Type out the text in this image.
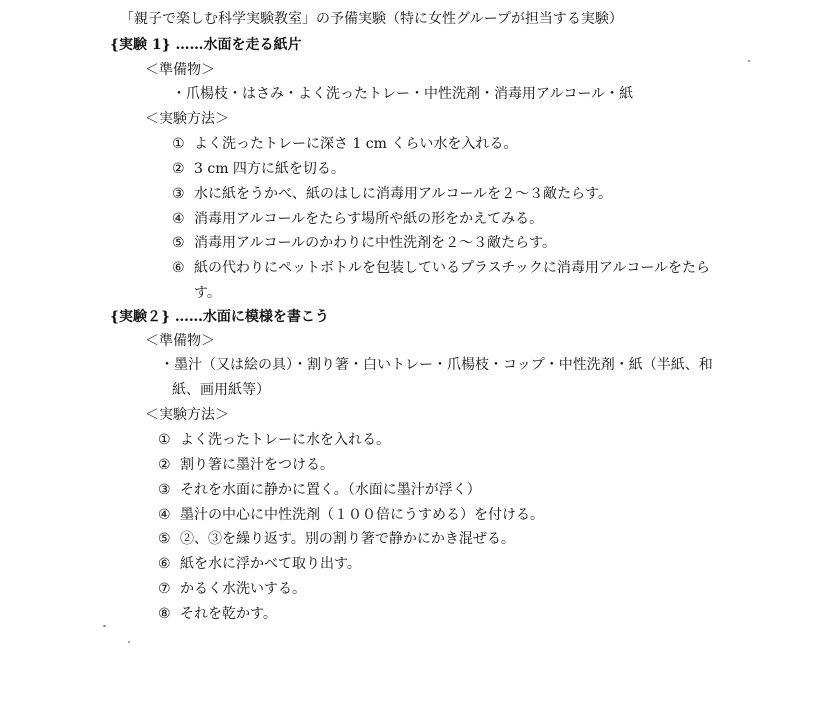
「親子で楽しむ科学実験教室」の予備実験（特に女性グループが担当する実験）
{実験 1} ……水面を走る紙片
＜準備物＞
・爪楊枝・はさみ・よく洗ったトレー・中性洗剤・消毒用アルコール・紙
＜実験方法＞
① よく洗ったトレーに深さ 1 cm くらい水を入れる。
② 3 cm 四方に紙を切る。
③ 水に紙をうかべ、紙のはしに消毒用アルコールを２～３敵たらす。
④ 消毒用アルコールをたらす場所や紙の形をかえてみる。
⑤ 消毒用アルコールのかわりに中性洗剤を２～３敵たらす。
⑥ 紙の代わりにペットボトルを包装しているプラスチックに消毒用アルコールをたら
す。
{実験２} ……水面に模様を書こう
＜準備物＞
・墨汁（又は絵の具）・割り箸・白いトレー・爪楊枝・コップ・中性洗剤・紙（半紙、和
紙、画用紙等）
＜実験方法＞
① よく洗ったトレーに水を入れる。
② 割り箸に墨汁をつける。
③ それを水面に静かに置く。（水面に墨汁が浮く）
④ 墨汁の中心に中性洗剤（１００倍にうすめる）を付ける。
⑤ ②、③を繰り返す。別の割り箸で静かにかき混ぜる。
⑥ 紙を水に浮かべて取り出す。
⑦ かるく水洗いする。
⑧ それを乾かす。
